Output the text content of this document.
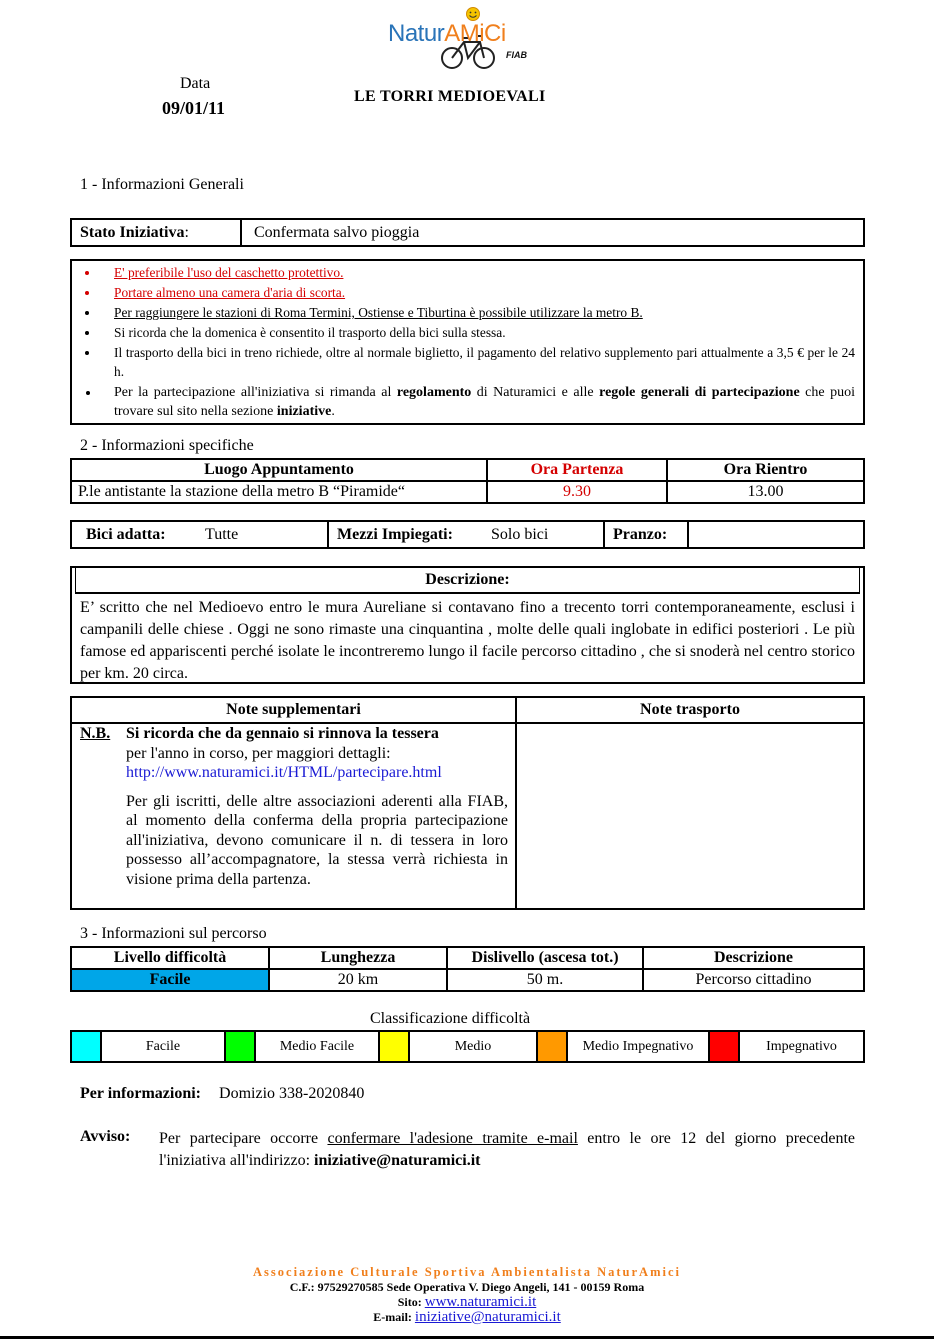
NaturAMiCi
FIAB
Data
09/01/11
LE TORRI MEDIOEVALI
1 - Informazioni Generali
Stato Iniziativa:	Confermata salvo pioggia
• E' preferibile l'uso del caschetto protettivo.
• Portare almeno una camera d'aria di scorta.
• Per raggiungere le stazioni di Roma Termini, Ostiense e Tiburtina è possibile utilizzare la metro B.
• Si ricorda che la domenica è consentito il trasporto della bici sulla stessa.
• Il trasporto della bici in treno richiede, oltre al normale biglietto, il pagamento del relativo supplemento pari attualmente a 3,5 € per le 24 h.
• Per la partecipazione all'iniziativa si rimanda al regolamento di Naturamici e alle regole generali di partecipazione che puoi trovare sul sito nella sezione iniziative.
2 - Informazioni specifiche
Luogo Appuntamento	Ora Partenza	Ora Rientro
P.le antistante la stazione della metro B “Piramide“	9.30	13.00
Bici adatta:	Tutte	Mezzi Impiegati:	Solo bici	Pranzo:
Descrizione:
E’ scritto che nel Medioevo entro le mura Aureliane si contavano fino a trecento torri contemporaneamente, esclusi i campanili delle chiese . Oggi ne sono rimaste una cinquantina , molte delle quali inglobate in edifici posteriori . Le più famose ed appariscenti perché isolate le incontreremo lungo il facile percorso cittadino , che si snoderà nel centro storico per km. 20 circa.
Note supplementari
N.B. Si ricorda che da gennaio si rinnova la tessera
per l'anno in corso, per maggiori dettagli:
http://www.naturamici.it/HTML/partecipare.html
Per gli iscritti, delle altre associazioni aderenti alla FIAB, al momento della conferma della propria partecipazione all'iniziativa, devono comunicare il n. di tessera in loro possesso all’accompagnatore, la stessa verrà richiesta in visione prima della partenza.
Note trasporto
3 - Informazioni sul percorso
Livello difficoltà	Lunghezza	Dislivello (ascesa tot.)	Descrizione
Facile	20 km	50 m.	Percorso cittadino
Classificazione difficoltà
Facile	Medio Facile	Medio	Medio Impegnativo	Impegnativo
Per informazioni: Domizio 338-2020840
Avviso: Per partecipare occorre confermare l'adesione tramite e-mail entro le ore 12 del giorno precedente l'iniziativa all'indirizzo: iniziative@naturamici.it
Associazione Culturale Sportiva Ambientalista NaturAmici
C.F.: 97529270585 Sede Operativa V. Diego Angeli, 141 - 00159 Roma
Sito: www.naturamici.it
E-mail: iniziative@naturamici.it
